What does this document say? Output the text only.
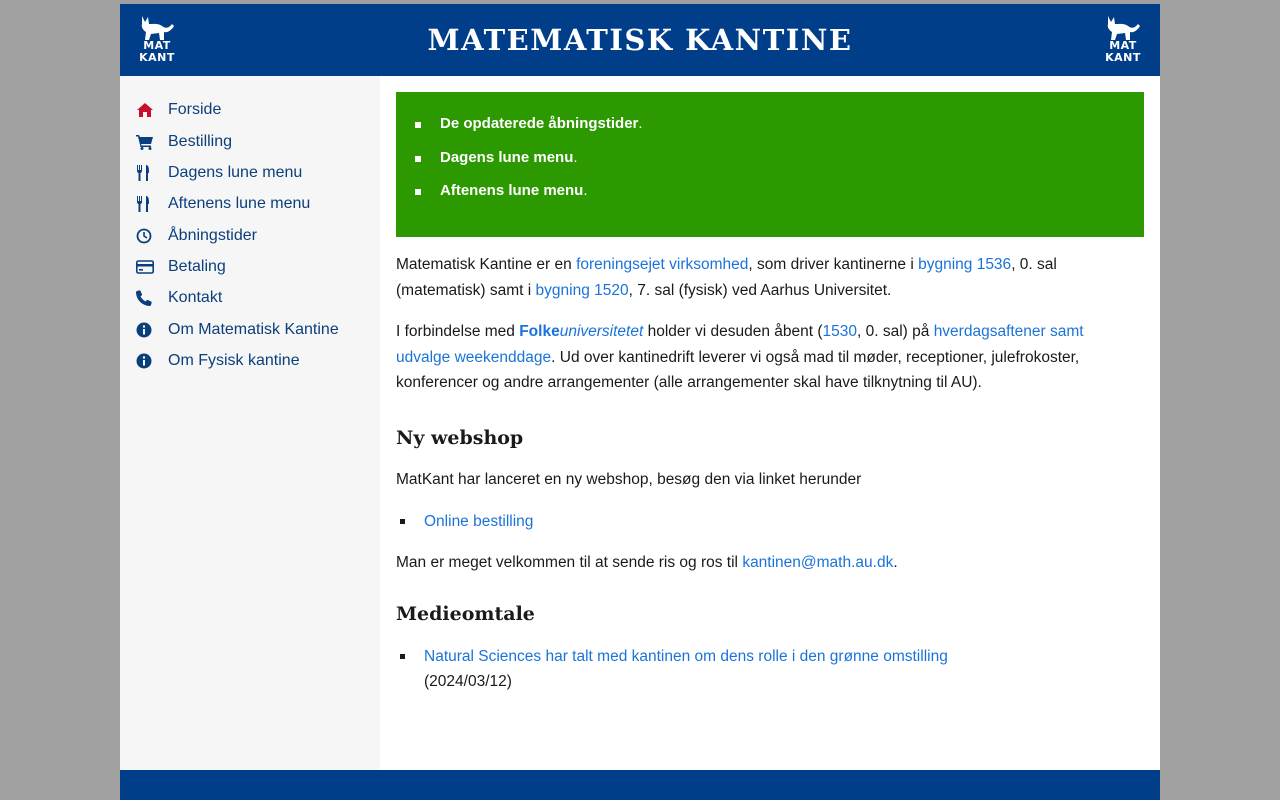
MAT
KANT
MATEMATISK KANTINE	MAT
KANT
Forside
Bestilling
Dagens lune menu
Aftenens lune menu
Åbningstider
Betaling
Kontakt
Om Matematisk Kantine
Om Fysisk kantine
De opdaterede åbningstider.
Dagens lune menu.
Aftenens lune menu.

Matematisk Kantine er en foreningsejet virksomhed, som driver kantinerne i bygning 1536, 0. sal (matematisk) samt i bygning 1520, 7. sal (fysisk) ved Aarhus Universitet.

I forbindelse med Folkeuniversitetet holder vi desuden åbent (1530, 0. sal) på hverdagsaftener samt udvalge weekenddage. Ud over kantinedrift leverer vi også mad til møder, receptioner, julefrokoster, konferencer og andre arrangementer (alle arrangementer skal have tilknytning til AU).

Ny webshop

MatKant har lanceret en ny webshop, besøg den via linket herunder

Online bestilling

Man er meget velkommen til at sende ris og ros til kantinen@math.au.dk.

Medieomtale
Natural Sciences har talt med kantinen om dens rolle i den grønne omstilling
(2024/03/12)
